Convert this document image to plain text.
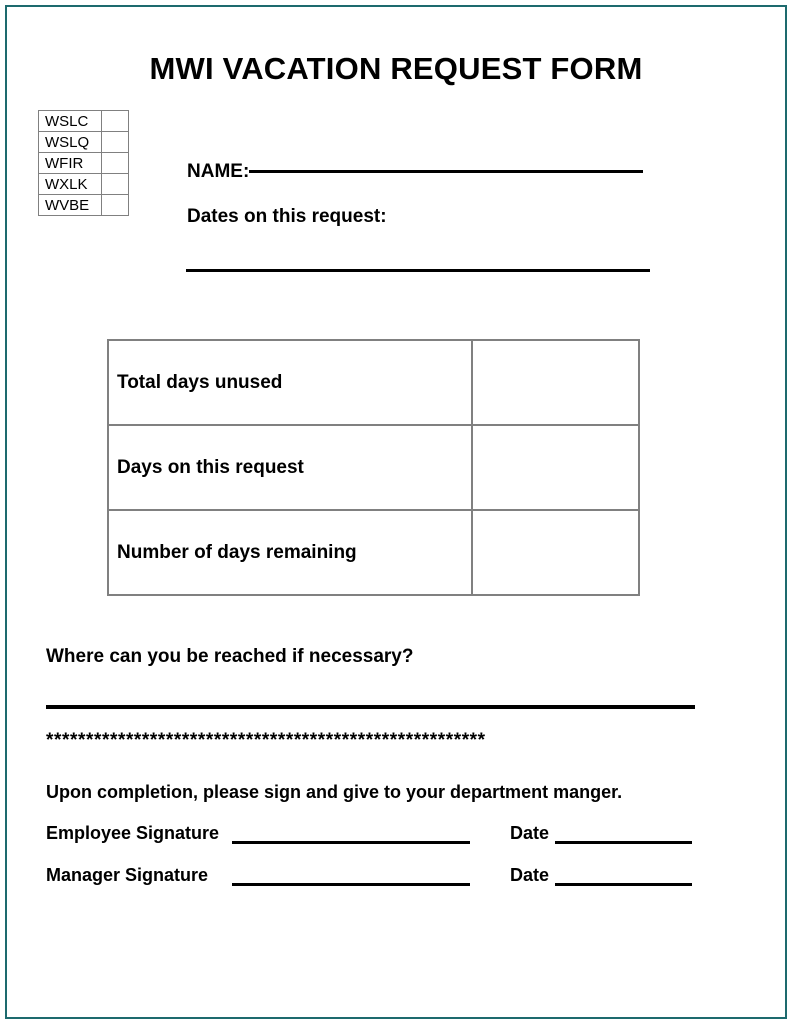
MWI VACATION REQUEST FORM
WSLC	
WSLQ	
WFIR	
WXLK	
WVBE	
NAME:
Dates on this request:
Total days unused	
Days on this request	
Number of days remaining	
Where can you be reached if necessary?
*******************************************************
Upon completion, please sign and give to your department manger.
Employee Signature	Date
Manager Signature	Date
